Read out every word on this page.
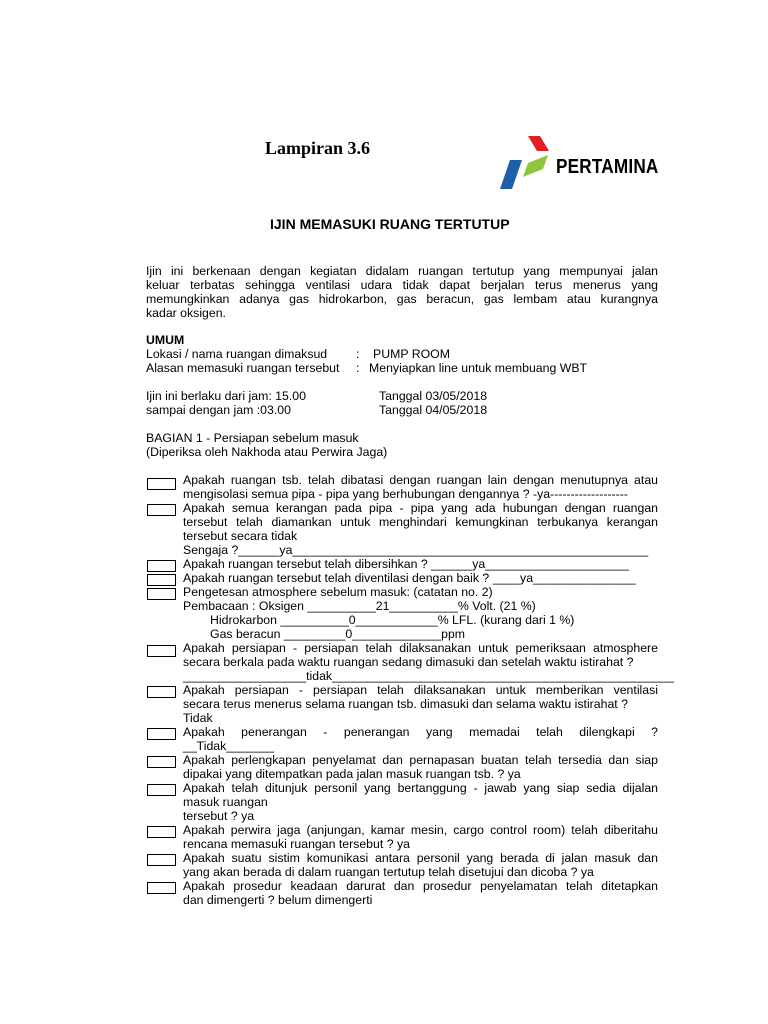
Lampiran 3.6
PERTAMINA
IJIN MEMASUKI RUANG TERTUTUP
Ijin ini berkenaan dengan kegiatan didalam ruangan tertutup yang mempunyai jalan
keluar terbatas sehingga ventilasi udara tidak dapat berjalan terus menerus yang
memungkinkan adanya gas hidrokarbon, gas beracun, gas lembam atau kurangnya
kadar oksigen.
UMUM
Lokasi / nama ruangan dimaksud : PUMP ROOM
Alasan memasuki ruangan tersebut : Menyiapkan line untuk membuang WBT
Ijin ini berlaku dari jam: 15.00	Tanggal 03/05/2018
sampai dengan jam :03.00	Tanggal 04/05/2018
BAGIAN 1 - Persiapan sebelum masuk
(Diperiksa oleh Nakhoda atau Perwira Jaga)
Apakah ruangan tsb. telah dibatasi dengan ruangan lain dengan menutupnya atau
mengisolasi semua pipa - pipa yang berhubungan dengannya ? -ya-------------------
Apakah semua kerangan pada pipa - pipa yang ada hubungan dengan ruangan
tersebut telah diamankan untuk menghindari kemungkinan terbukanya kerangan
tersebut secara tidak
Sengaja ?______ya____________________________________________________
Apakah ruangan tersebut telah dibersihkan ? ______ya_____________________
Apakah ruangan tersebut telah diventilasi dengan baik ? ____ya_______________
Pengetesan atmosphere sebelum masuk: (catatan no. 2)
Pembacaan : Oksigen __________21__________% Volt. (21 %)
Hidrokarbon __________0____________% LFL. (kurang dari 1 %)
Gas beracun _________0_____________ppm
Apakah persiapan - persiapan telah dilaksanakan untuk pemeriksaan atmosphere
secara berkala pada waktu ruangan sedang dimasuki dan setelah waktu istirahat ?
__________________tidak__________________________________________________
Apakah persiapan - persiapan telah dilaksanakan untuk memberikan ventilasi
secara terus menerus selama ruangan tsb. dimasuki dan selama waktu istirahat ?
Tidak
Apakah penerangan - penerangan yang memadai telah dilengkapi ?
__Tidak_______
Apakah perlengkapan penyelamat dan pernapasan buatan telah tersedia dan siap
dipakai yang ditempatkan pada jalan masuk ruangan tsb. ? ya
Apakah telah ditunjuk personil yang bertanggung - jawab yang siap sedia dijalan
masuk ruangan
tersebut ? ya
Apakah perwira jaga (anjungan, kamar mesin, cargo control room) telah diberitahu
rencana memasuki ruangan tersebut ? ya
Apakah suatu sistim komunikasi antara personil yang berada di jalan masuk dan
yang akan berada di dalam ruangan tertutup telah disetujui dan dicoba ? ya
Apakah prosedur keadaan darurat dan prosedur penyelamatan telah ditetapkan
dan dimengerti ? belum dimengerti
